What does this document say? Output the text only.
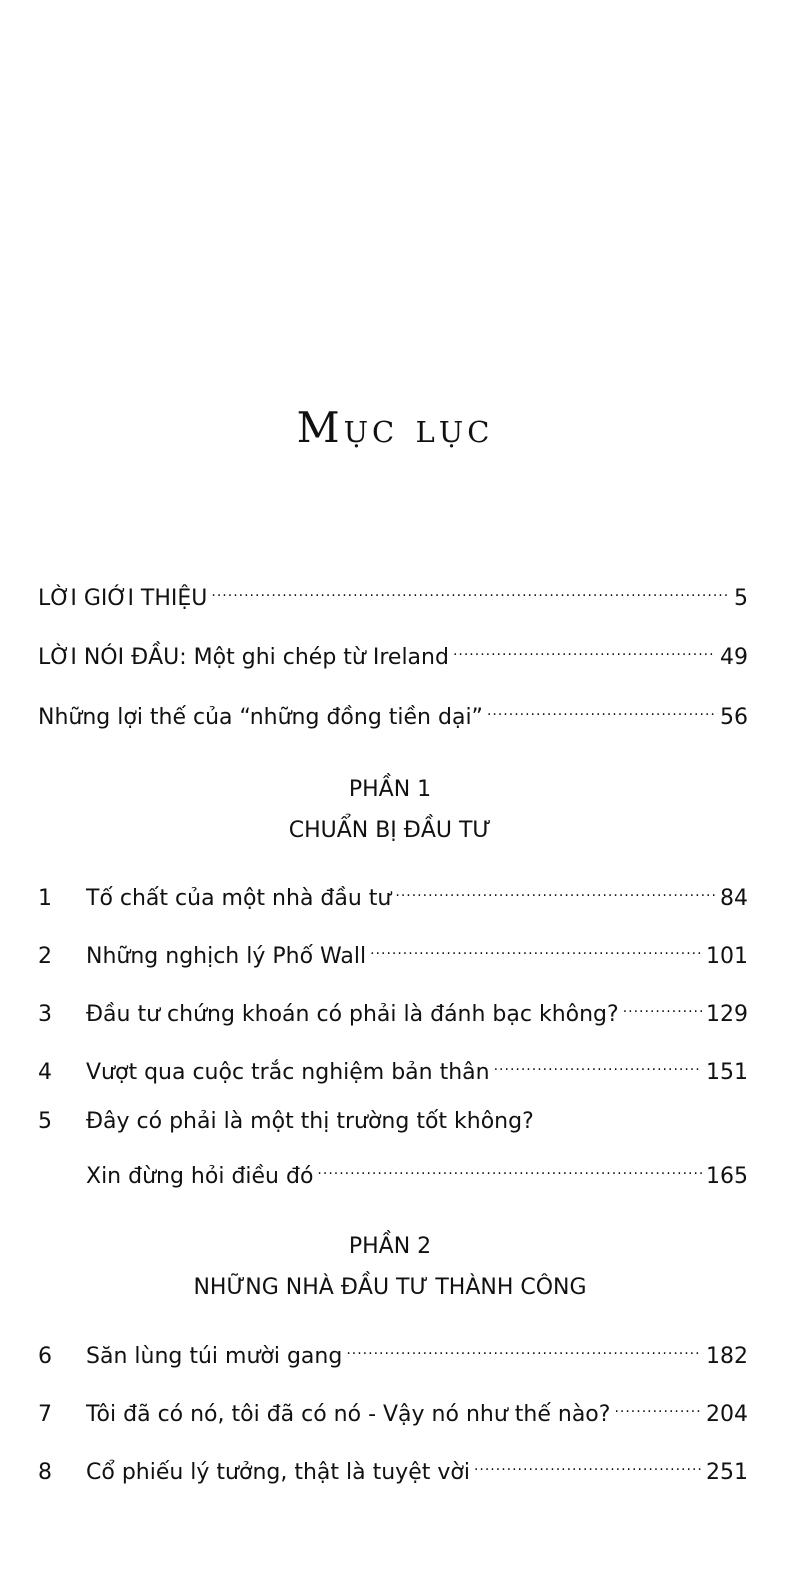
Mục lục
LỜI GIỚI THIỆU .....	5
LỜI NÓI ĐẦU: Một ghi chép từ Ireland .....	49
Những lợi thế của “những đồng tiền dại” .....	56
PHẦN 1
CHUẨN BỊ ĐẦU TƯ
1	Tố chất của một nhà đầu tư .....	84
2	Những nghịch lý Phố Wall .....	101
3	Đầu tư chứng khoán có phải là đánh bạc không? .....	129
4	Vượt qua cuộc trắc nghiệm bản thân .....	151
5	Đây có phải là một thị trường tốt không?
Xin đừng hỏi điều đó .....	165
PHẦN 2
NHỮNG NHÀ ĐẦU TƯ THÀNH CÔNG
6	Săn lùng túi mười gang .....	182
7	Tôi đã có nó, tôi đã có nó - Vậy nó như thế nào? .....	204
8	Cổ phiếu lý tưởng, thật là tuyệt vời .....	251
